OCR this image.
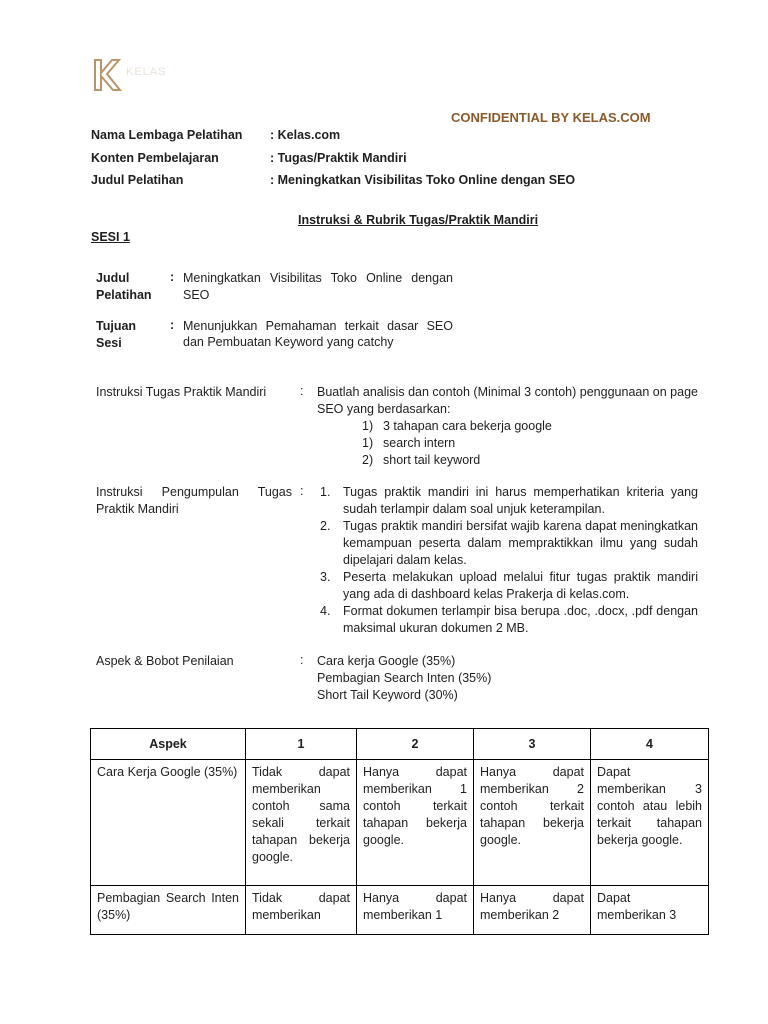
KELAS
CONFIDENTIAL BY KELAS.COM
Nama Lembaga Pelatihan : Kelas.com
Konten Pembelajaran	: Tugas/Praktik Mandiri
Judul Pelatihan	: Meningkatkan Visibilitas Toko Online dengan SEO
Instruksi & Rubrik Tugas/Praktik Mandiri
SESI 1
Judul Pelatihan
: Meningkatkan Visibilitas Toko Online dengan SEO
Tujuan Sesi
: Menunjukkan Pemahaman terkait dasar SEO dan Pembuatan Keyword yang catchy
Instruksi Tugas Praktik Mandiri	: Buatlah analisis dan contoh (Minimal 3 contoh) penggunaan on page SEO yang berdasarkan:
1) 3 tahapan cara bekerja google
1) search intern
2) short tail keyword
Instruksi Pengumpulan Tugas Praktik Mandiri
: 1. Tugas praktik mandiri ini harus memperhatikan kriteria yang sudah terlampir dalam soal unjuk keterampilan.
2. Tugas praktik mandiri bersifat wajib karena dapat meningkatkan kemampuan peserta dalam mempraktikkan ilmu yang sudah dipelajari dalam kelas.
3. Peserta melakukan upload melalui fitur tugas praktik mandiri yang ada di dashboard kelas Prakerja di kelas.com.
4. Format dokumen terlampir bisa berupa .doc, .docx, .pdf dengan maksimal ukuran dokumen 2 MB.
Aspek & Bobot Penilaian	: Cara kerja Google (35%)
Pembagian Search Inten (35%)
Short Tail Keyword (30%)
Aspek	1	2	3	4
Cara Kerja Google (35%)	Tidak dapat memberikan contoh sama sekali terkait tahapan bekerja google.	Hanya dapat memberikan 1 contoh terkait tahapan bekerja google.	Hanya dapat memberikan 2 contoh terkait tahapan bekerja google.	Dapat memberikan 3 contoh atau lebih terkait tahapan bekerja google.
Pembagian Search Inten (35%)	Tidak dapat memberikan	Hanya dapat memberikan 1	Hanya dapat memberikan 2	Dapat memberikan 3
